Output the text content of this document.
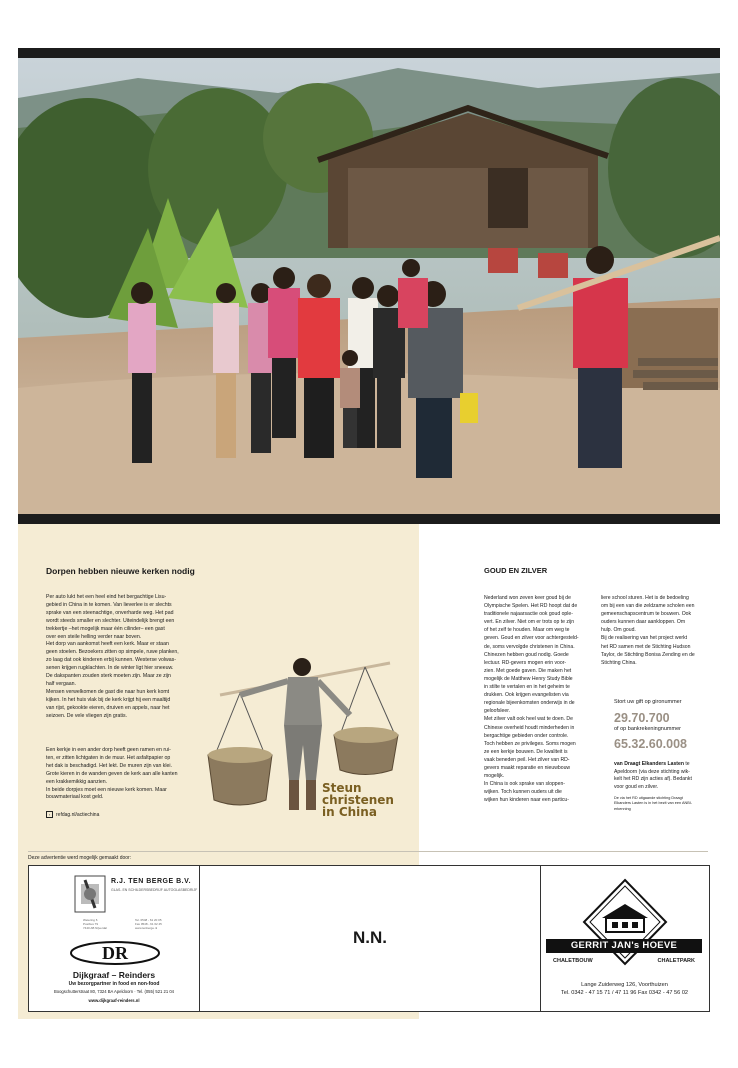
Dorpen hebben nieuwe kerken nodig

Per auto lukt het een heel eind het bergachtige Lisu-
gebied in China in te komen. Van lieverlee is er slechts
sprake van een steenachtige, onverharde weg. Het pad
wordt steeds smaller en slechter. Uiteindelijk brengt een
trekkertje –het mogelijk maar één cilinder– een gast
over een steile helling verder naar boven.
Het dorp van aankomst heeft een kerk. Maar er staan
geen stoelen. Bezoekers zitten op simpele, ruwe planken,
zo laag dat ook kinderen erbij kunnen. Westerse volwas-
senen krijgen rugklachten. In de winter ligt hier sneeuw.
De dakspanten zouden sterk moeten zijn. Maar ze zijn
half vergaan.
Mensen verwelkomen de gast die naar hun kerk komt
kijken. In het huis vlak bij de kerk krijgt hij een maaltijd
van rijst, gekookte eieren, druiven en appels, naar het
seizoen. De vele vliegen zijn gratis.

Een kerkje in een ander dorp heeft geen ramen en rui-
ten, er zitten lichtgaten in de muur. Het asfaltpapier op
het dak is beschadigd. Het lekt. De muren zijn van klei.
Grote kieren in de wanden geven de kerk aan alle kanten
een krakkemikkig aanzien.
In beide dorpjes moet een nieuwe kerk komen. Maar
bouwmateriaal kost geld.

›	refdag.nl/actiechina
Steun
christenen
in China
GOUD EN ZILVER

Nederland won zeven keer goud bij de
Olympische Spelen. Het RD hoopt dat de
traditionele najaarsactie ook goud ople-
vert. En zilver. Niet om er trots op te zijn
of het zelf te houden. Maar om weg te
geven. Goud en zilver voor achtergesteld-
de, soms vervolgde christenen in China.
Chinezen hebben goud nodig. Goede
lectuur. RD-gevers mogen erin voor-
zien. Met goede gaven. Die maken het
mogelijk de Matthew Henry Study Bible
in stilte te vertalen en in het geheim te
drukken. Ook krijgen evangelisten via
regionale bijeenkomsten onderwijs in de
geloofsleer.
Met zilver valt ook heel wat te doen. De
Chinese overheid houdt minderheden in
bergachtige gebieden onder controle.
Toch hebben ze privileges. Soms mogen
ze een kerkje bouwen. De kwaliteit is
vaak beneden peil. Het zilver van RD-
gevers maakt reparatie en nieuwbouw
mogelijk.
In China is ook sprake van sloppen-
wijken. Toch kunnen ouders uit die
wijken hun kinderen naar een particu-

liere school sturen. Het is de bedoeling
om bij een van die zeldzame scholen een
gemeenschapscentrum te bouwen. Ook
ouders kunnen daar aankloppen. Om
hulp. Om goud.
Bij de realisering van het project werkt
het RD samen met de Stichting Hudson
Taylor, de Stichting Bonisa Zending en de
Stichting China.

Stort uw gift op gironummer
29.70.700
of op bankrekeningnummer
65.32.60.008
van Draagt Elkanders Lasten te
Apeldoorn (via deze stichting wik-
kelt het RD zijn acties af). Bedankt
voor goud en zilver.
De via het RD uitgaande stichting Draagt
Elkanders Lasten is in het bezit van een ANBI-
erkenning
Deze advertentie werd mogelijk gemaakt door:
R.J. TEN BERGE B.V.
GLAS- EN SCHILDERSBEDRIJF AUTOGLASBEDRIJF
Wetering 6
Postbus 79
7440 AB Nijverdal
Tel. 0548 - 61 20 05
Fax 0548 - 61 62 45
www.tenberge.nl
DR
Dijkgraaf – Reinders
Uw bezorgpartner in food en non-food
Boogschutterstraat 80, 7324 BA Apeldoorn · Tel. (055) 521 21 04
www.dijkgraaf-reinders.nl
N.N.	GERRIT JAN's HOEVE
CHALETBOUW	CHALETPARK
Lange Zuiderweg 126, Voorthuizen
Tel. 0342 - 47 15 71 / 47 11 96 Fax 0342 - 47 56 02
